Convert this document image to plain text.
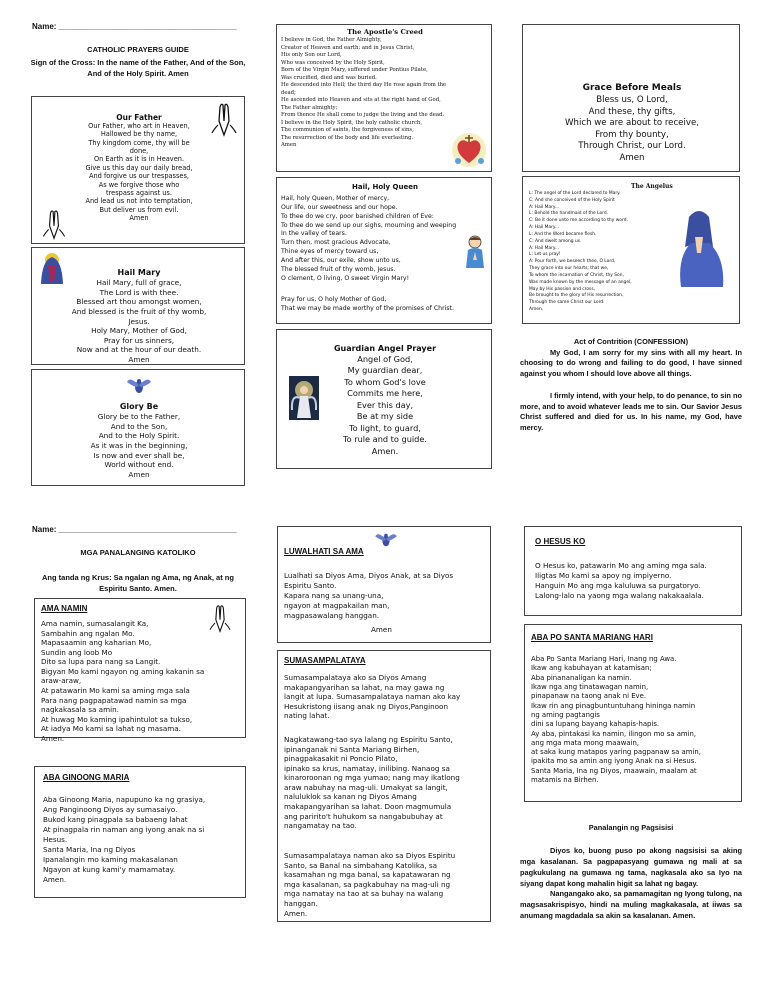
Name: ________________________________________
CATHOLIC PRAYERS GUIDE
Sign of the Cross: In the name of the Father, And of the Son, And of the Holy Spirit. Amen
Our Father
Our Father, who art in Heaven,
Hallowed be thy name,
Thy kingdom come, thy will be
done,
On Earth as it is in Heaven.
Give us this day our daily bread,
And forgive us our trespasses,
As we forgive those who
trespass against us.
And lead us not into temptation,
But deliver us from evil.
Amen
Hail Mary
Hail Mary, full of grace,
The Lord is with thee.
Blessed art thou amongst women,
And blessed is the fruit of thy womb,
Jesus.
Holy Mary, Mother of God,
Pray for us sinners,
Now and at the hour of our death.
Amen
Glory Be
Glory be to the Father,
And to the Son,
And to the Holy Spirit.
As it was in the beginning,
Is now and ever shall be,
World without end.
Amen
The Apostle's Creed
I believe in God, the Father Almighty,
Creator of Heaven and earth; and in Jesus Christ,
His only Son our Lord,
Who was conceived by the Holy Spirit,
Born of the Virgin Mary, suffered under Pontius Pilate,
Was crucified, died and was buried.
He descended into Hell; the third day He rose again from the
dead;
He ascended into Heaven and sits at the right hand of God,
The Father almighty;
From thence He shall come to judge the living and the dead.
I believe in the Holy Spirit, the holy catholic church,
The communion of saints, the forgiveness of sins,
The resurrection of the body and life everlasting.
Amen
Hail, Holy Queen
Hail, holy Queen, Mother of mercy,
Our life, our sweetness and our hope.
To thee do we cry, poor banished children of Eve:
To thee do we send up our sighs, mourning and weeping
In the valley of tears.
Turn then, most gracious Advocate,
Thine eyes of mercy toward us,
And after this, our exile, show unto us,
The blessed fruit of thy womb, Jesus.
O clement, O living, O sweet Virgin Mary!
Pray for us, O holy Mother of God,
That we may be made worthy of the promises of Christ.
Guardian Angel Prayer
Angel of God,
My guardian dear,
To whom God's love
Commits me here,
Ever this day,
Be at my side
To light, to guard,
To rule and to guide.
Amen.
Grace Before Meals
Bless us, O Lord,
And these, thy gifts,
Which we are about to receive,
From thy bounty,
Through Christ, our Lord.
Amen
The Angelus
L: The angel of the Lord declared to Mary.
C: And she conceived of the Holy Spirit
A: Hail Mary...
L: Behold the handmaid of the Lord.
C: Be it done unto me according to thy word.
A: Hail Mary...
L: And the Word became flesh.
C: And dwelt among us.
A: Hail Mary...
L: Let us pray!
A: Pour forth, we beseech thee, O Lord,
They grace into our hearts; that we,
To whom the incarnation of Christ, thy Son,
Was made known by the message of an angel,
May by His passion and cross,
Be brought to the glory of His resurrection,
Through the same Christ our Lord.
Amen.
Act of Contrition (CONFESSION)
My God, I am sorry for my sins with all my heart. In choosing to do wrong and failing to do good, I have sinned against you whom I should love above all things.
I firmly intend, with your help, to do penance, to sin no more, and to avoid whatever leads me to sin. Our Savior Jesus Christ suffered and died for us. In his name, my God, have mercy.
Name: ________________________________________
MGA PANALANGING KATOLIKO
Ang tanda ng Krus: Sa ngalan ng Ama, ng Anak, at ng Espiritu Santo. Amen.
AMA NAMIN
Ama namin, sumasalangit Ka,
Sambahin ang ngalan Mo.
Mapasaamin ang kaharian Mo,
Sundin ang loob Mo
Dito sa lupa para nang sa Langit.
Bigyan Mo kami ngayon ng aming kakanin sa
araw-araw,
At patawarin Mo kami sa aming mga sala
Para nang pagpapatawad namin sa mga
nagkakasala sa amin.
At huwag Mo kaming ipahintulot sa tukso,
At iadya Mo kami sa lahat ng masama.
Amen.
ABA GINOONG MARIA
Aba Ginoong Maria, napupuno ka ng grasiya,
Ang Panginoong Diyos ay sumasaiyo.
Bukod kang pinagpala sa babaeng lahat
At pinagpala rin naman ang iyong anak na si
Hesus.
Santa Maria, Ina ng Diyos
Ipanalangin mo kaming makasalanan
Ngayon at kung kami'y mamamatay.
Amen.
LUWALHATI SA AMA
Lualhati sa Diyos Ama, Diyos Anak, at sa Diyos
Espiritu Santo.
Kapara nang sa unang-una,
ngayon at magpakailan man,
magpasawalang hanggan.
Amen
SUMASAMPALATAYA
Sumasampalataya ako sa Diyos Amang
makapangyarihan sa lahat, na may gawa ng
langit at lupa. Sumasampalataya naman ako kay
Hesukristong iisang anak ng Diyos,Panginoon
nating lahat.
Nagkatawang-tao sya lalang ng Espiritu Santo,
ipinanganak ni Santa Mariang Birhen,
pinagpakasakit ni Poncio Pilato,
ipinako sa krus, namatay, inilibing. Nanaog sa
kinaroroonan ng mga yumao; nang may ikatlong
araw nabuhay na mag-uli. Umakyat sa langit,
naluluklok sa kanan ng Diyos Amang
makapangyarihan sa lahat. Doon magmumula
ang paririto't huhukom sa nangabubuhay at
nangamatay na tao.
Sumasampalataya naman ako sa Diyos Espiritu
Santo, sa Banal na simbahang Katolika, sa
kasamahan ng mga banal, sa kapatawaran ng
mga kasalanan, sa pagkabuhay na mag-uli ng
mga namatay na tao at sa buhay na walang
hanggan.
Amen.
O HESUS KO
O Hesus ko, patawarin Mo ang aming mga sala.
Iligtas Mo kami sa apoy ng impiyerno.
Hanguin Mo ang mga kaluluwa sa purgatoryo.
Lalong-lalo na yaong mga walang nakakaalala.
ABA PO SANTA MARIANG HARI
Aba Po Santa Mariang Hari, Inang ng Awa.
Ikaw ang kabuhayan at katamisan;
Aba pinananaligan ka namin.
Ikaw nga ang tinatawagan namin,
pinapanaw na taong anak ni Eve.
Ikaw rin ang pinagbuntuntuhang hininga namin
ng aming pagtangis
dini sa lupang bayang kahapis-hapis.
Ay aba, pintakasi ka namin, ilingon mo sa amin,
ang mga mata mong maawain,
at saka kung matapos yaring pagpanaw sa amin,
ipakita mo sa amin ang iyong Anak na si Hesus.
Santa Maria, Ina ng Diyos, maawain, maalam at
matamis na Birhen.
Panalangin ng Pagsisisi
Diyos ko, buong puso po akong nagsisisi sa aking mga kasalanan. Sa pagpapasyang gumawa ng mali at sa pagkukulang na gumawa ng tama, nagkasala ako sa Iyo na siyang dapat kong mahalin higit sa lahat ng bagay.
Nangangako ako, sa pamamagitan ng Iyong tulong, na magsasakrispisyo, hindi na muling magkakasala, at iiwas sa anumang magdadala sa akin sa kasalanan. Amen.
